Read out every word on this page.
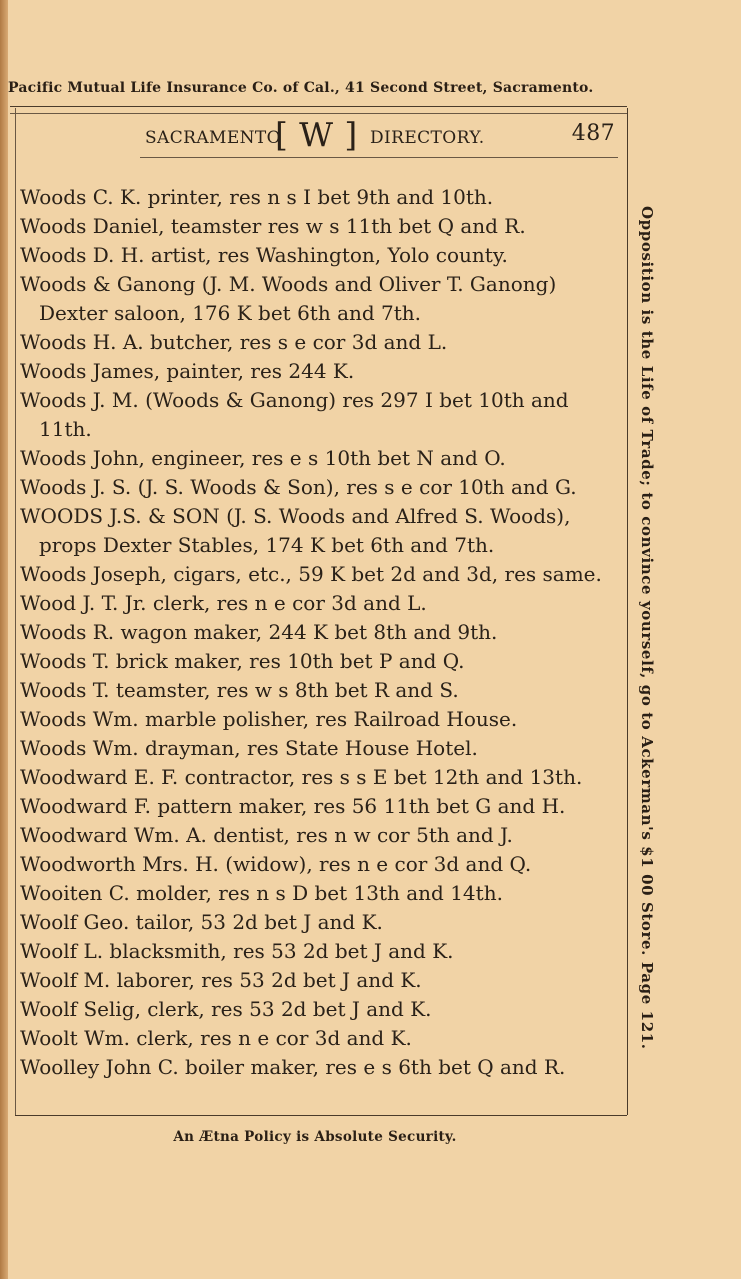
Pacific Mutual Life Insurance Co. of Cal., 41 Second Street, Sacramento.
SACRAMENTO
[ W ] DIRECTORY.	487
Woods C. K. printer, res n s I bet 9th and 10th.
Woods Daniel, teamster res w s 11th bet Q and R.
Woods D. H. artist, res Washington, Yolo county.
Woods & Ganong (J. M. Woods and Oliver T. Ganong)
Dexter saloon, 176 K bet 6th and 7th.
Woods H. A. butcher, res s e cor 3d and L.
Woods James, painter, res 244 K.
Woods J. M. (Woods & Ganong) res 297 I bet 10th and
11th.
Woods John, engineer, res e s 10th bet N and O.
Woods J. S. (J. S. Woods & Son), res s e cor 10th and G.
WOODS J.S. & SON (J. S. Woods and Alfred S. Woods),
props Dexter Stables, 174 K bet 6th and 7th.
Woods Joseph, cigars, etc., 59 K bet 2d and 3d, res same.
Wood J. T. Jr. clerk, res n e cor 3d and L.
Woods R. wagon maker, 244 K bet 8th and 9th.
Woods T. brick maker, res 10th bet P and Q.
Woods T. teamster, res w s 8th bet R and S.
Woods Wm. marble polisher, res Railroad House.
Woods Wm. drayman, res State House Hotel.
Woodward E. F. contractor, res s s E bet 12th and 13th.
Woodward F. pattern maker, res 56 11th bet G and H.
Woodward Wm. A. dentist, res n w cor 5th and J.
Woodworth Mrs. H. (widow), res n e cor 3d and Q.
Wooiten C. molder, res n s D bet 13th and 14th.
Woolf Geo. tailor, 53 2d bet J and K.
Woolf L. blacksmith, res 53 2d bet J and K.
Woolf M. laborer, res 53 2d bet J and K.
Woolf Selig, clerk, res 53 2d bet J and K.
Woolt Wm. clerk, res n e cor 3d and K.
Woolley John C. boiler maker, res e s 6th bet Q and R.
Opposition is the Life of Trade; to convince yourself, go to Ackerman's $1 00 Store. Page 121.
An Ætna Policy is Absolute Security.
